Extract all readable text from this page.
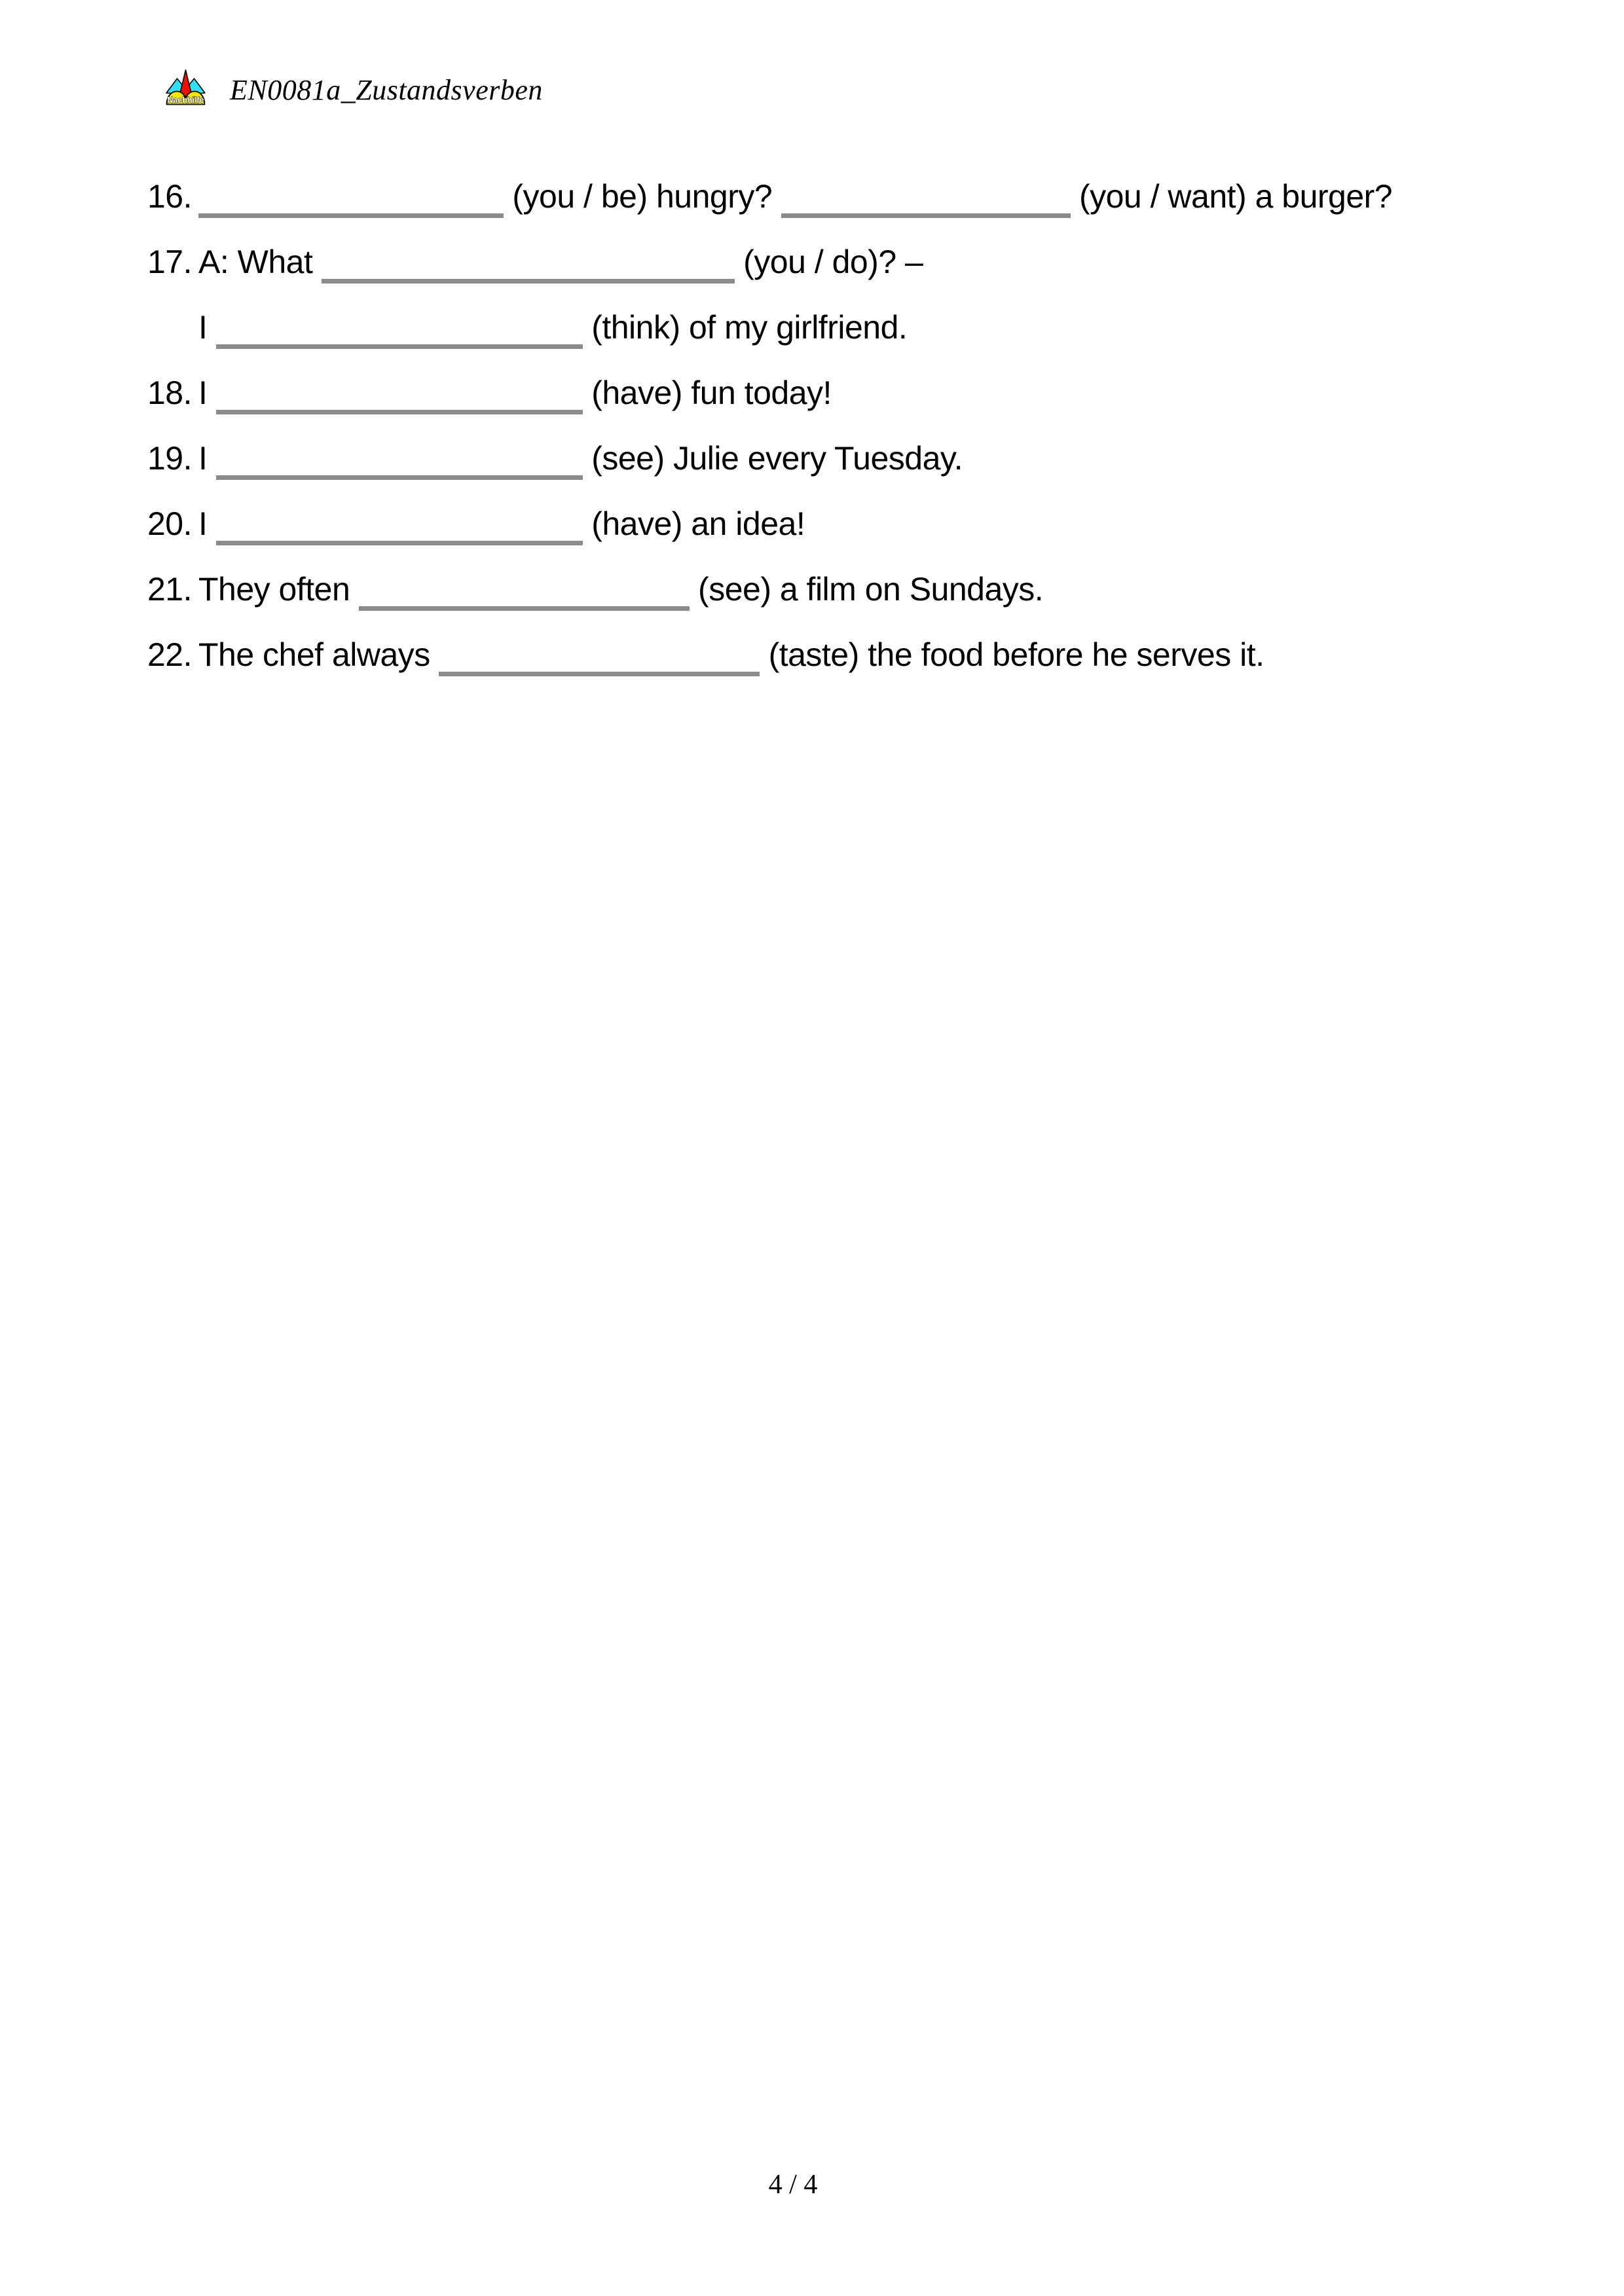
Nachhilfe EN0081a_Zustandsverben
16.	(you / be) hungry?	(you / want) a burger?
17. A: What	(you / do)? –
I	(think) of my girlfriend.
18. I	(have) fun today!
19. I	(see) Julie every Tuesday.
20. I	(have) an idea!
21. They often	(see) a film on Sundays.
22. The chef always	(taste) the food before he serves it.
4 / 4
